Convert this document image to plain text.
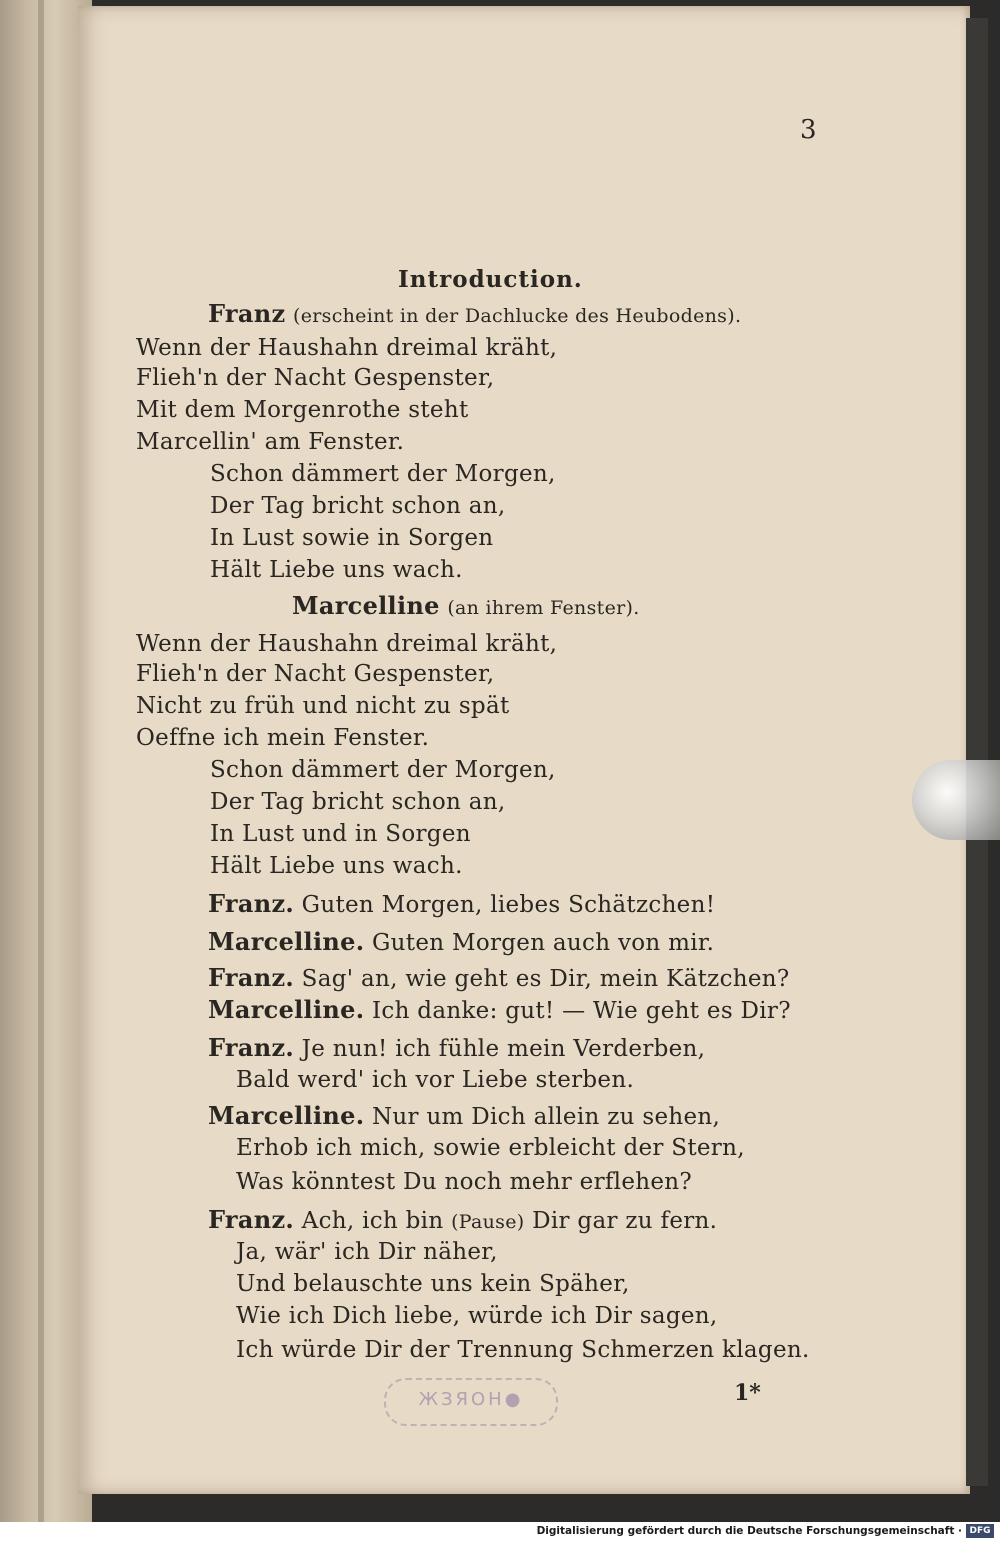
3
Introduction.
Franz (erscheint in der Dachlucke des Heubodens).
Wenn der Haushahn dreimal kräht,
Flieh'n der Nacht Gespenster,
Mit dem Morgenrothe steht
Marcellin' am Fenster.
Schon dämmert der Morgen,
Der Tag bricht schon an,
In Lust sowie in Sorgen
Hält Liebe uns wach.
Marcelline (an ihrem Fenster).
Wenn der Haushahn dreimal kräht,
Flieh'n der Nacht Gespenster,
Nicht zu früh und nicht zu spät
Oeffne ich mein Fenster.
Schon dämmert der Morgen,
Der Tag bricht schon an,
In Lust und in Sorgen
Hält Liebe uns wach.
Franz. Guten Morgen, liebes Schätzchen!
Marcelline. Guten Morgen auch von mir.
Franz. Sag' an, wie geht es Dir, mein Kätzchen?
Marcelline. Ich danke: gut! — Wie geht es Dir?
Franz. Je nun! ich fühle mein Verderben,
Bald werd' ich vor Liebe sterben.
Marcelline. Nur um Dich allein zu sehen,
Erhob ich mich, sowie erbleicht der Stern,
Was könntest Du noch mehr erflehen?
Franz. Ach, ich bin (Pause) Dir gar zu fern.
Ja, wär' ich Dir näher,
Und belauschte uns kein Späher,
Wie ich Dich liebe, würde ich Dir sagen,
Ich würde Dir der Trennung Schmerzen klagen.
ЖЗЯОН●	1*
Digitalisierung gefördert durch die Deutsche Forschungsgemeinschaft · DFG
